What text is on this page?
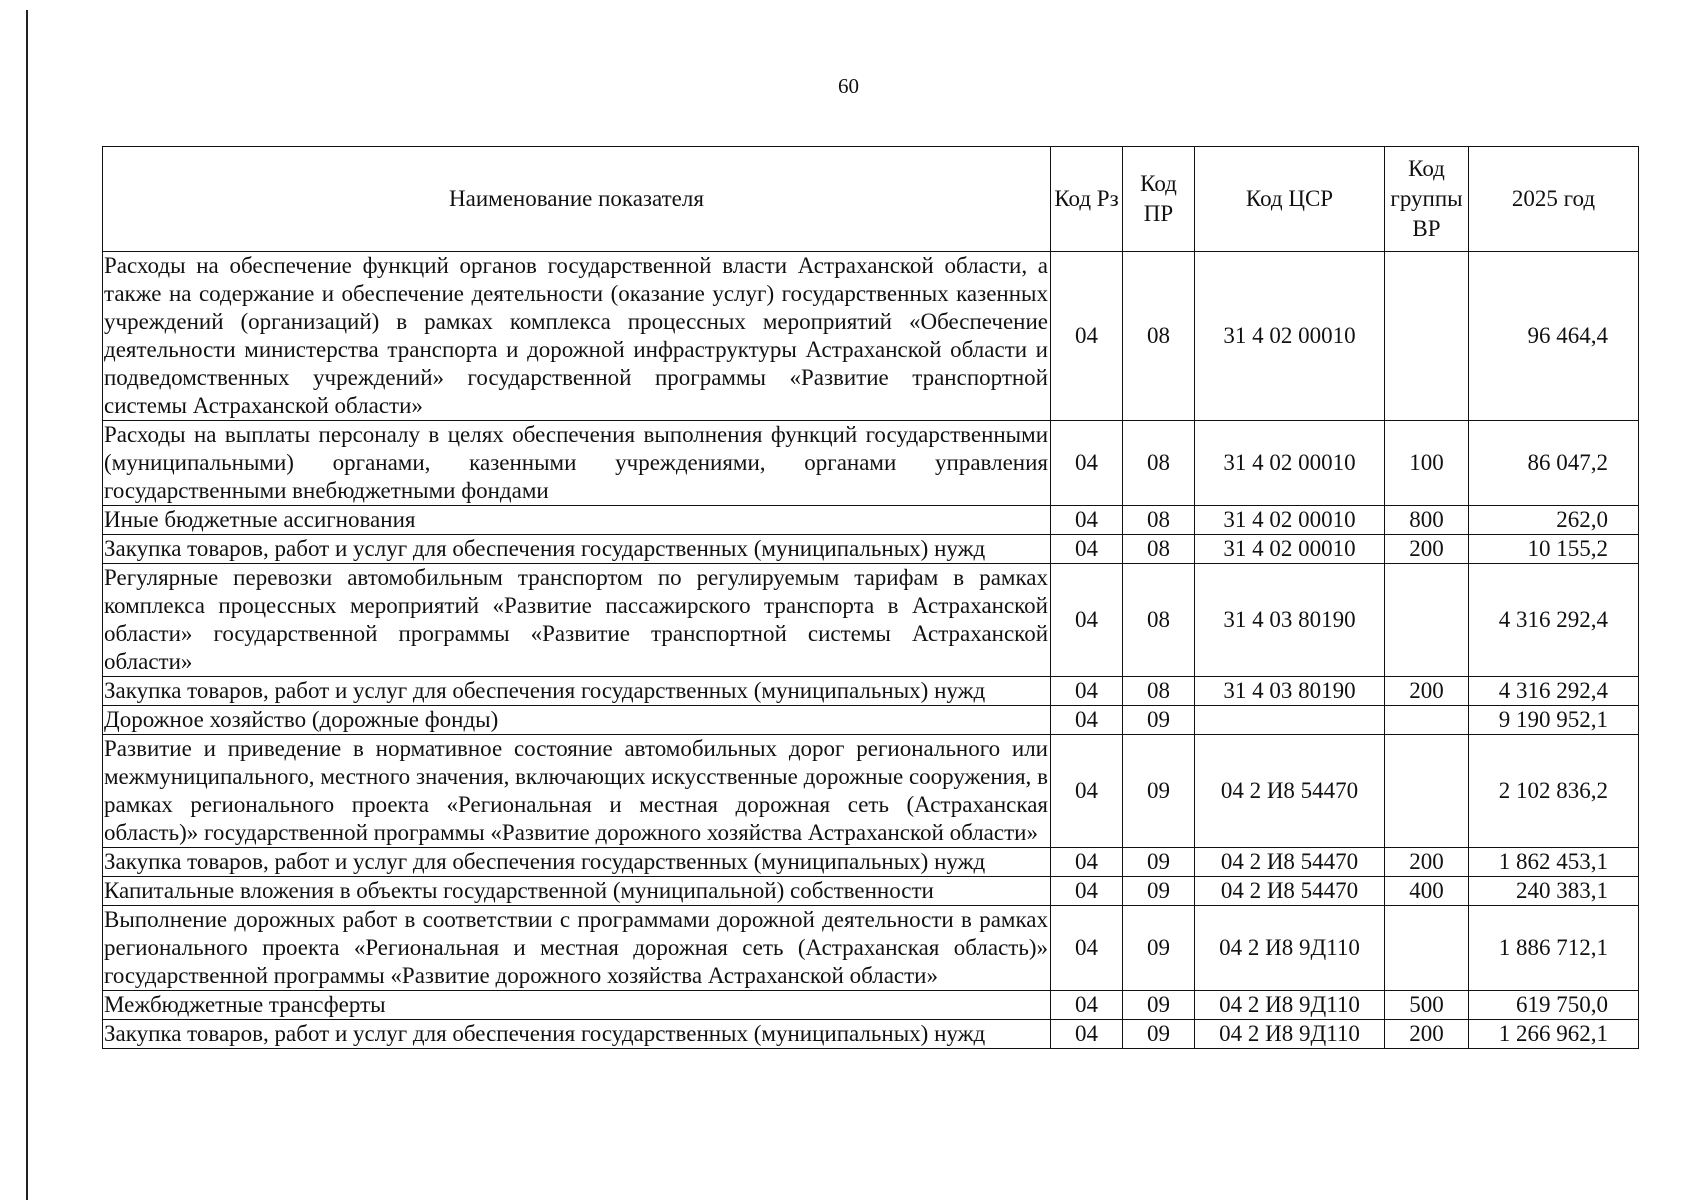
60
Наименование показателя	Код Рз	Код ПР	Код ЦСР	Код группы ВР	2025 год
Расходы на обеспечение функций органов государственной власти Астраханской области, а также на содержание и обеспечение деятельности (оказание услуг) государственных казенных учреждений (организаций) в рамках комплекса процессных мероприятий «Обеспечение деятельности министерства транспорта и дорожной инфраструктуры Астраханской области и подведомственных учреждений» государственной программы «Развитие транспортной системы Астраханской области»	04	08	31 4 02 00010		96 464,4
Расходы на выплаты персоналу в целях обеспечения выполнения функций государственными (муниципальными) органами, казенными учреждениями, органами управления государственными внебюджетными фондами	04	08	31 4 02 00010	100	86 047,2
Иные бюджетные ассигнования	04	08	31 4 02 00010	800	262,0
Закупка товаров, работ и услуг для обеспечения государственных (муниципальных) нужд	04	08	31 4 02 00010	200	10 155,2
Регулярные перевозки автомобильным транспортом по регулируемым тарифам в рамках комплекса процессных мероприятий «Развитие пассажирского транспорта в Астраханской области» государственной программы «Развитие транспортной системы Астраханской области»	04	08	31 4 03 80190		4 316 292,4
Закупка товаров, работ и услуг для обеспечения государственных (муниципальных) нужд	04	08	31 4 03 80190	200	4 316 292,4
Дорожное хозяйство (дорожные фонды)	04	09			9 190 952,1
Развитие и приведение в нормативное состояние автомобильных дорог регионального или межмуниципального, местного значения, включающих искусственные дорожные сооружения, в рамках регионального проекта «Региональная и местная дорожная сеть (Астраханская область)» государственной программы «Развитие дорожного хозяйства Астраханской области»	04	09	04 2 И8 54470		2 102 836,2
Закупка товаров, работ и услуг для обеспечения государственных (муниципальных) нужд	04	09	04 2 И8 54470	200	1 862 453,1
Капитальные вложения в объекты государственной (муниципальной) собственности	04	09	04 2 И8 54470	400	240 383,1
Выполнение дорожных работ в соответствии с программами дорожной деятельности в рамках регионального проекта «Региональная и местная дорожная сеть (Астраханская область)» государственной программы «Развитие дорожного хозяйства Астраханской области»	04	09	04 2 И8 9Д110		1 886 712,1
Межбюджетные трансферты	04	09	04 2 И8 9Д110	500	619 750,0
Закупка товаров, работ и услуг для обеспечения государственных (муниципальных) нужд	04	09	04 2 И8 9Д110	200	1 266 962,1
